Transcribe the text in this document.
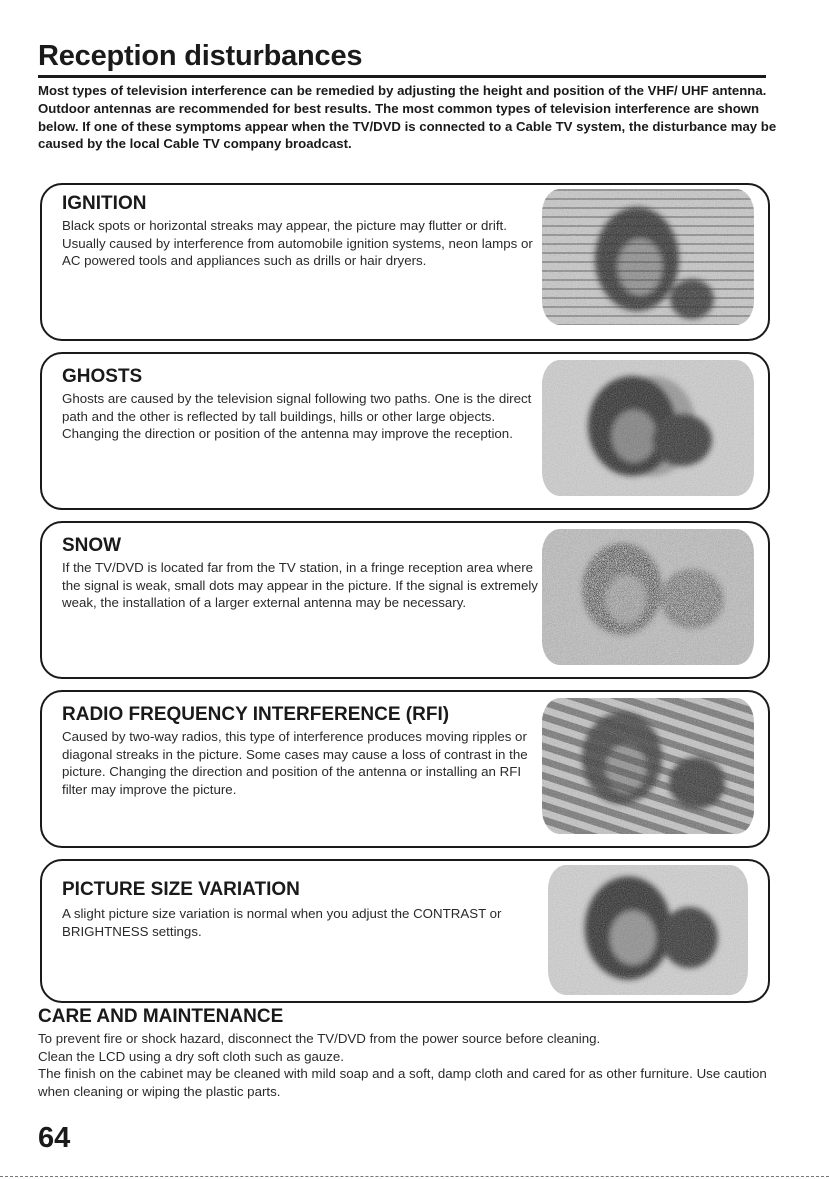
Reception disturbances
Most types of television interference can be remedied by adjusting the height and position of the VHF/ UHF antenna. Outdoor antennas are recommended for best results. The most common types of television interference are shown below. If one of these symptoms appear when the TV/DVD is connected to a Cable TV system, the disturbance may be caused by the local Cable TV company broadcast.
IGNITION
Black spots or horizontal streaks may appear, the picture may flutter or drift. Usually caused by interference from automobile ignition systems, neon lamps or AC powered tools and appliances such as drills or hair dryers.
GHOSTS
Ghosts are caused by the television signal following two paths. One is the direct path and the other is reflected by tall buildings, hills or other large objects. Changing the direction or position of the antenna may improve the reception.
SNOW
If the TV/DVD is located far from the TV station, in a fringe reception area where the signal is weak, small dots may appear in the picture. If the signal is extremely weak, the installation of a larger external antenna may be necessary.
RADIO FREQUENCY INTERFERENCE (RFI)
Caused by two-way radios, this type of interference produces moving ripples or diagonal streaks in the picture. Some cases may cause a loss of contrast in the picture. Changing the direction and position of the antenna or installing an RFI filter may improve the picture.
PICTURE SIZE VARIATION
A slight picture size variation is normal when you adjust the CONTRAST or BRIGHTNESS settings.
CARE AND MAINTENANCE
To prevent fire or shock hazard, disconnect the TV/DVD from the power source before cleaning.
Clean the LCD using a dry soft cloth such as gauze.
The finish on the cabinet may be cleaned with mild soap and a soft, damp cloth and cared for as other furniture. Use caution when cleaning or wiping the plastic parts.
64
